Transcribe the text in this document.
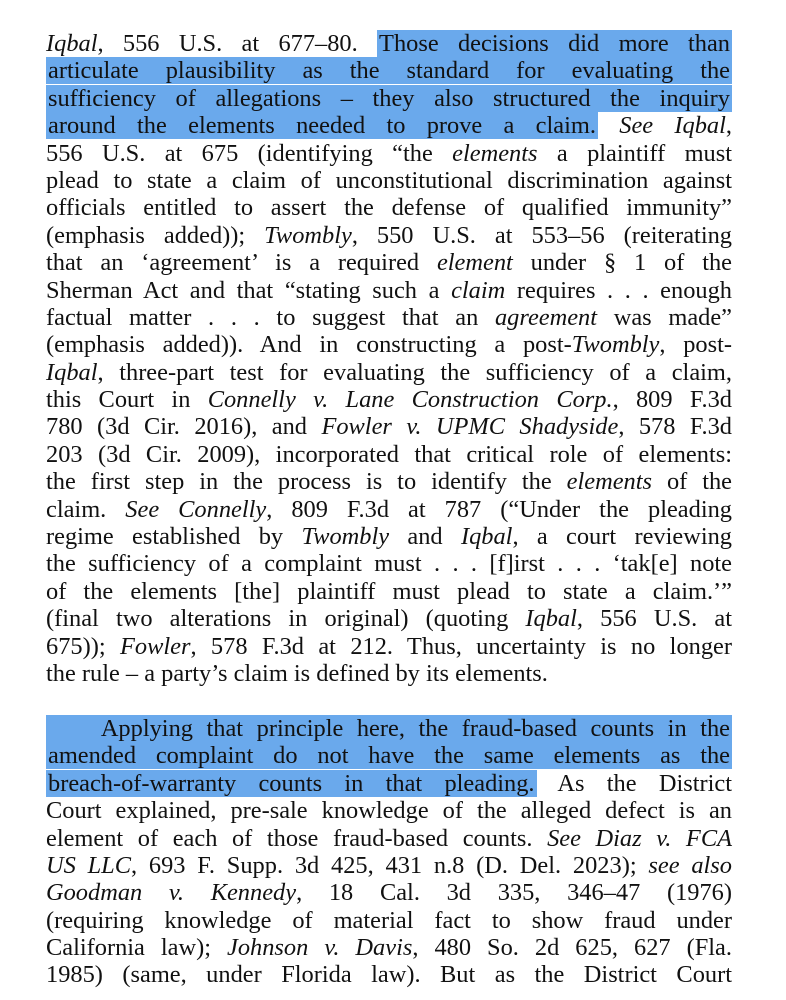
Iqbal, 556 U.S. at 677–80. Those decisions did more than
articulate plausibility as the standard for evaluating the
sufficiency of allegations – they also structured the inquiry
around the elements needed to prove a claim. See Iqbal,
556 U.S. at 675 (identifying “the elements a plaintiff must
plead to state a claim of unconstitutional discrimination against
officials entitled to assert the defense of qualified immunity”
(emphasis added)); Twombly, 550 U.S. at 553–56 (reiterating
that an ‘agreement’ is a required element under § 1 of the
Sherman Act and that “stating such a claim requires . . . enough
factual matter . . . to suggest that an agreement was made”
(emphasis added)). And in constructing a post-Twombly, post-
Iqbal, three-part test for evaluating the sufficiency of a claim,
this Court in Connelly v. Lane Construction Corp., 809 F.3d
780 (3d Cir. 2016), and Fowler v. UPMC Shadyside, 578 F.3d
203 (3d Cir. 2009), incorporated that critical role of elements:
the first step in the process is to identify the elements of the
claim. See Connelly, 809 F.3d at 787 (“Under the pleading
regime established by Twombly and Iqbal, a court reviewing
the sufficiency of a complaint must . . . [f]irst . . . ‘tak[e] note
of the elements [the] plaintiff must plead to state a claim.’”
(final two alterations in original) (quoting Iqbal, 556 U.S. at
675)); Fowler, 578 F.3d at 212. Thus, uncertainty is no longer
the rule – a party’s claim is defined by its elements.
Applying that principle here, the fraud-based counts in the
amended complaint do not have the same elements as the
breach-of-warranty counts in that pleading. As the District
Court explained, pre-sale knowledge of the alleged defect is an
element of each of those fraud-based counts. See Diaz v. FCA
US LLC, 693 F. Supp. 3d 425, 431 n.8 (D. Del. 2023); see also
Goodman v. Kennedy, 18 Cal. 3d 335, 346–47 (1976)
(requiring knowledge of material fact to show fraud under
California law); Johnson v. Davis, 480 So. 2d 625, 627 (Fla.
1985) (same, under Florida law). But as the District Court
